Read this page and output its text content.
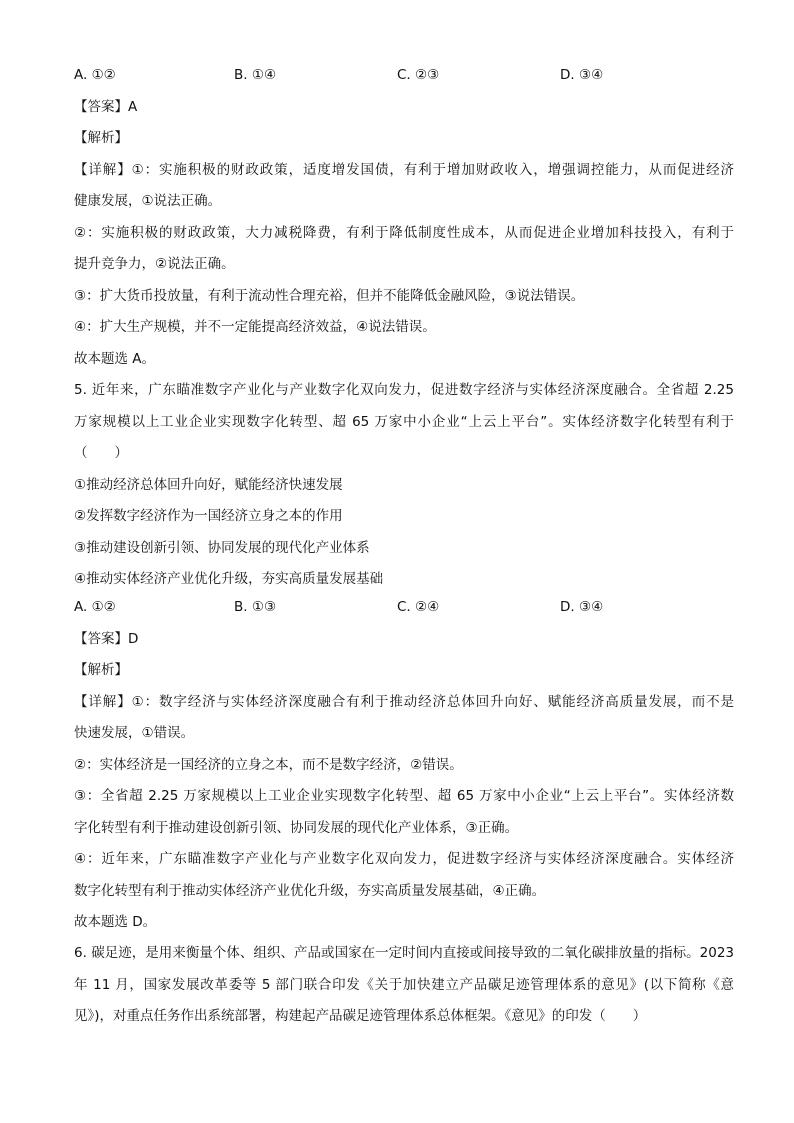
A. ①②	B. ①④	C. ②③	D. ③④
【答案】A
【解析】
【详解】①：实施积极的财政政策，适度增发国债，有利于增加财政收入，增强调控能力，从而促进经济
健康发展，①说法正确。
②：实施积极的财政政策，大力减税降费，有利于降低制度性成本，从而促进企业增加科技投入，有利于
提升竞争力，②说法正确。
③：扩大货币投放量，有利于流动性合理充裕，但并不能降低金融风险，③说法错误。
④：扩大生产规模，并不一定能提高经济效益，④说法错误。
故本题选 A。
5. 近年来，广东瞄准数字产业化与产业数字化双向发力，促进数字经济与实体经济深度融合。全省超 2.25
万家规模以上工业企业实现数字化转型、超 65 万家中小企业“上云上平台”。实体经济数字化转型有利于
（　　）
①推动经济总体回升向好，赋能经济快速发展
②发挥数字经济作为一国经济立身之本的作用
③推动建设创新引领、协同发展的现代化产业体系
④推动实体经济产业优化升级，夯实高质量发展基础
A. ①②	B. ①③	C. ②④	D. ③④
【答案】D
【解析】
【详解】①：数字经济与实体经济深度融合有利于推动经济总体回升向好、赋能经济高质量发展，而不是
快速发展，①错误。
②：实体经济是一国经济的立身之本，而不是数字经济，②错误。
③：全省超 2.25 万家规模以上工业企业实现数字化转型、超 65 万家中小企业“上云上平台”。实体经济数
字化转型有利于推动建设创新引领、协同发展的现代化产业体系，③正确。
④：近年来，广东瞄准数字产业化与产业数字化双向发力，促进数字经济与实体经济深度融合。实体经济
数字化转型有利于推动实体经济产业优化升级，夯实高质量发展基础，④正确。
故本题选 D。
6. 碳足迹，是用来衡量个体、组织、产品或国家在一定时间内直接或间接导致的二氧化碳排放量的指标。2023
年 11 月，国家发展改革委等 5 部门联合印发《关于加快建立产品碳足迹管理体系的意见》(以下简称《意
见》)，对重点任务作出系统部署，构建起产品碳足迹管理体系总体框架。《意见》的印发（　　）
